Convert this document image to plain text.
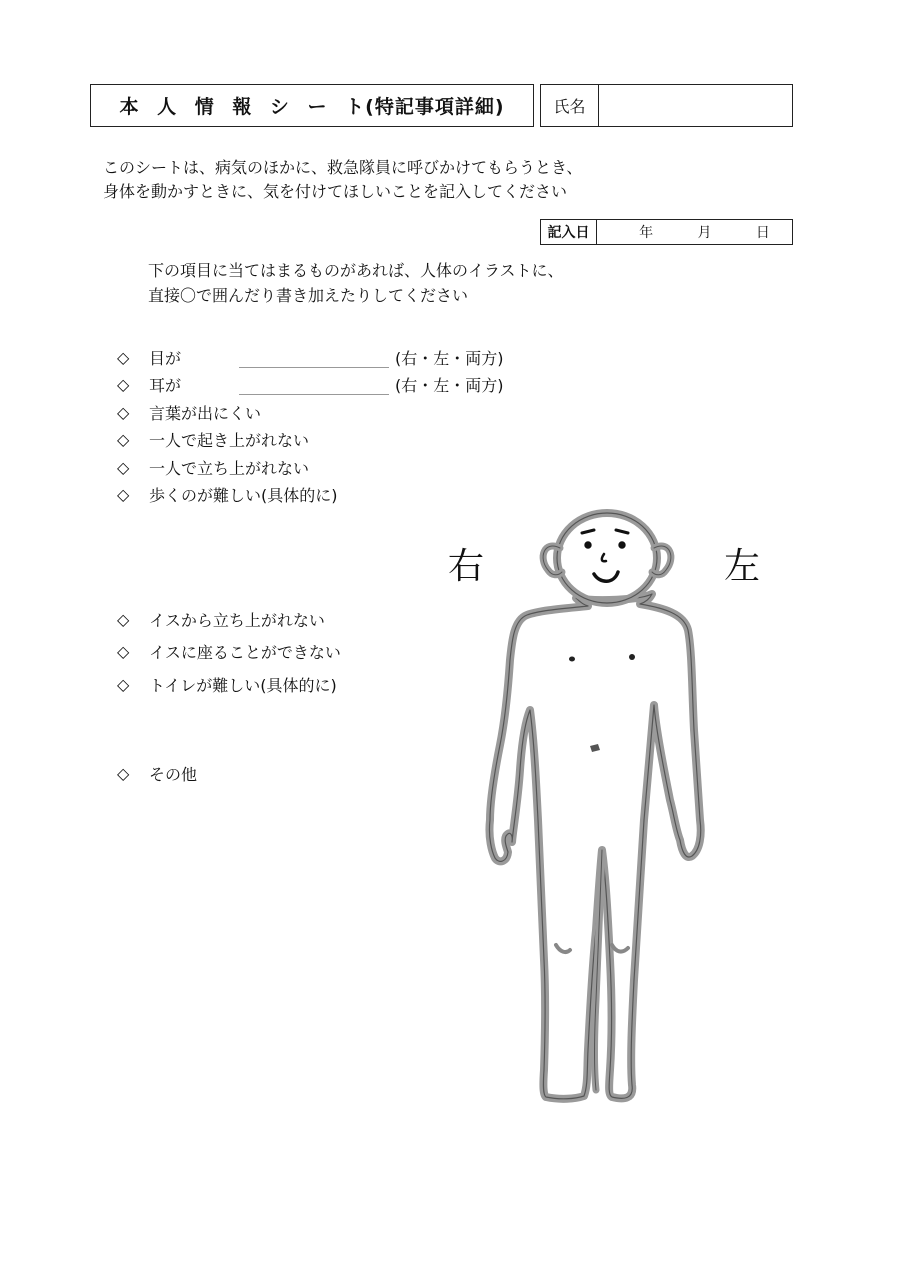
本 人 情 報 シ ー ト(特記事項詳細)	氏名
このシートは、病気のほかに、救急隊員に呼びかけてもらうとき、
身体を動かすときに、気を付けてほしいことを記入してください
記入日	年	月	日
下の項目に当てはまるものがあれば、人体のイラストに、
直接〇で囲んだり書き加えたりしてください
◇	目が	(右・左・両方)
◇	耳が	(右・左・両方)
◇	言葉が出にくい
◇	一人で起き上がれない
◇	一人で立ち上がれない
◇	歩くのが難しい(具体的に)
◇	イスから立ち上がれない
◇	イスに座ることができない
◇	トイレが難しい(具体的に)
◇	その他
右	左
